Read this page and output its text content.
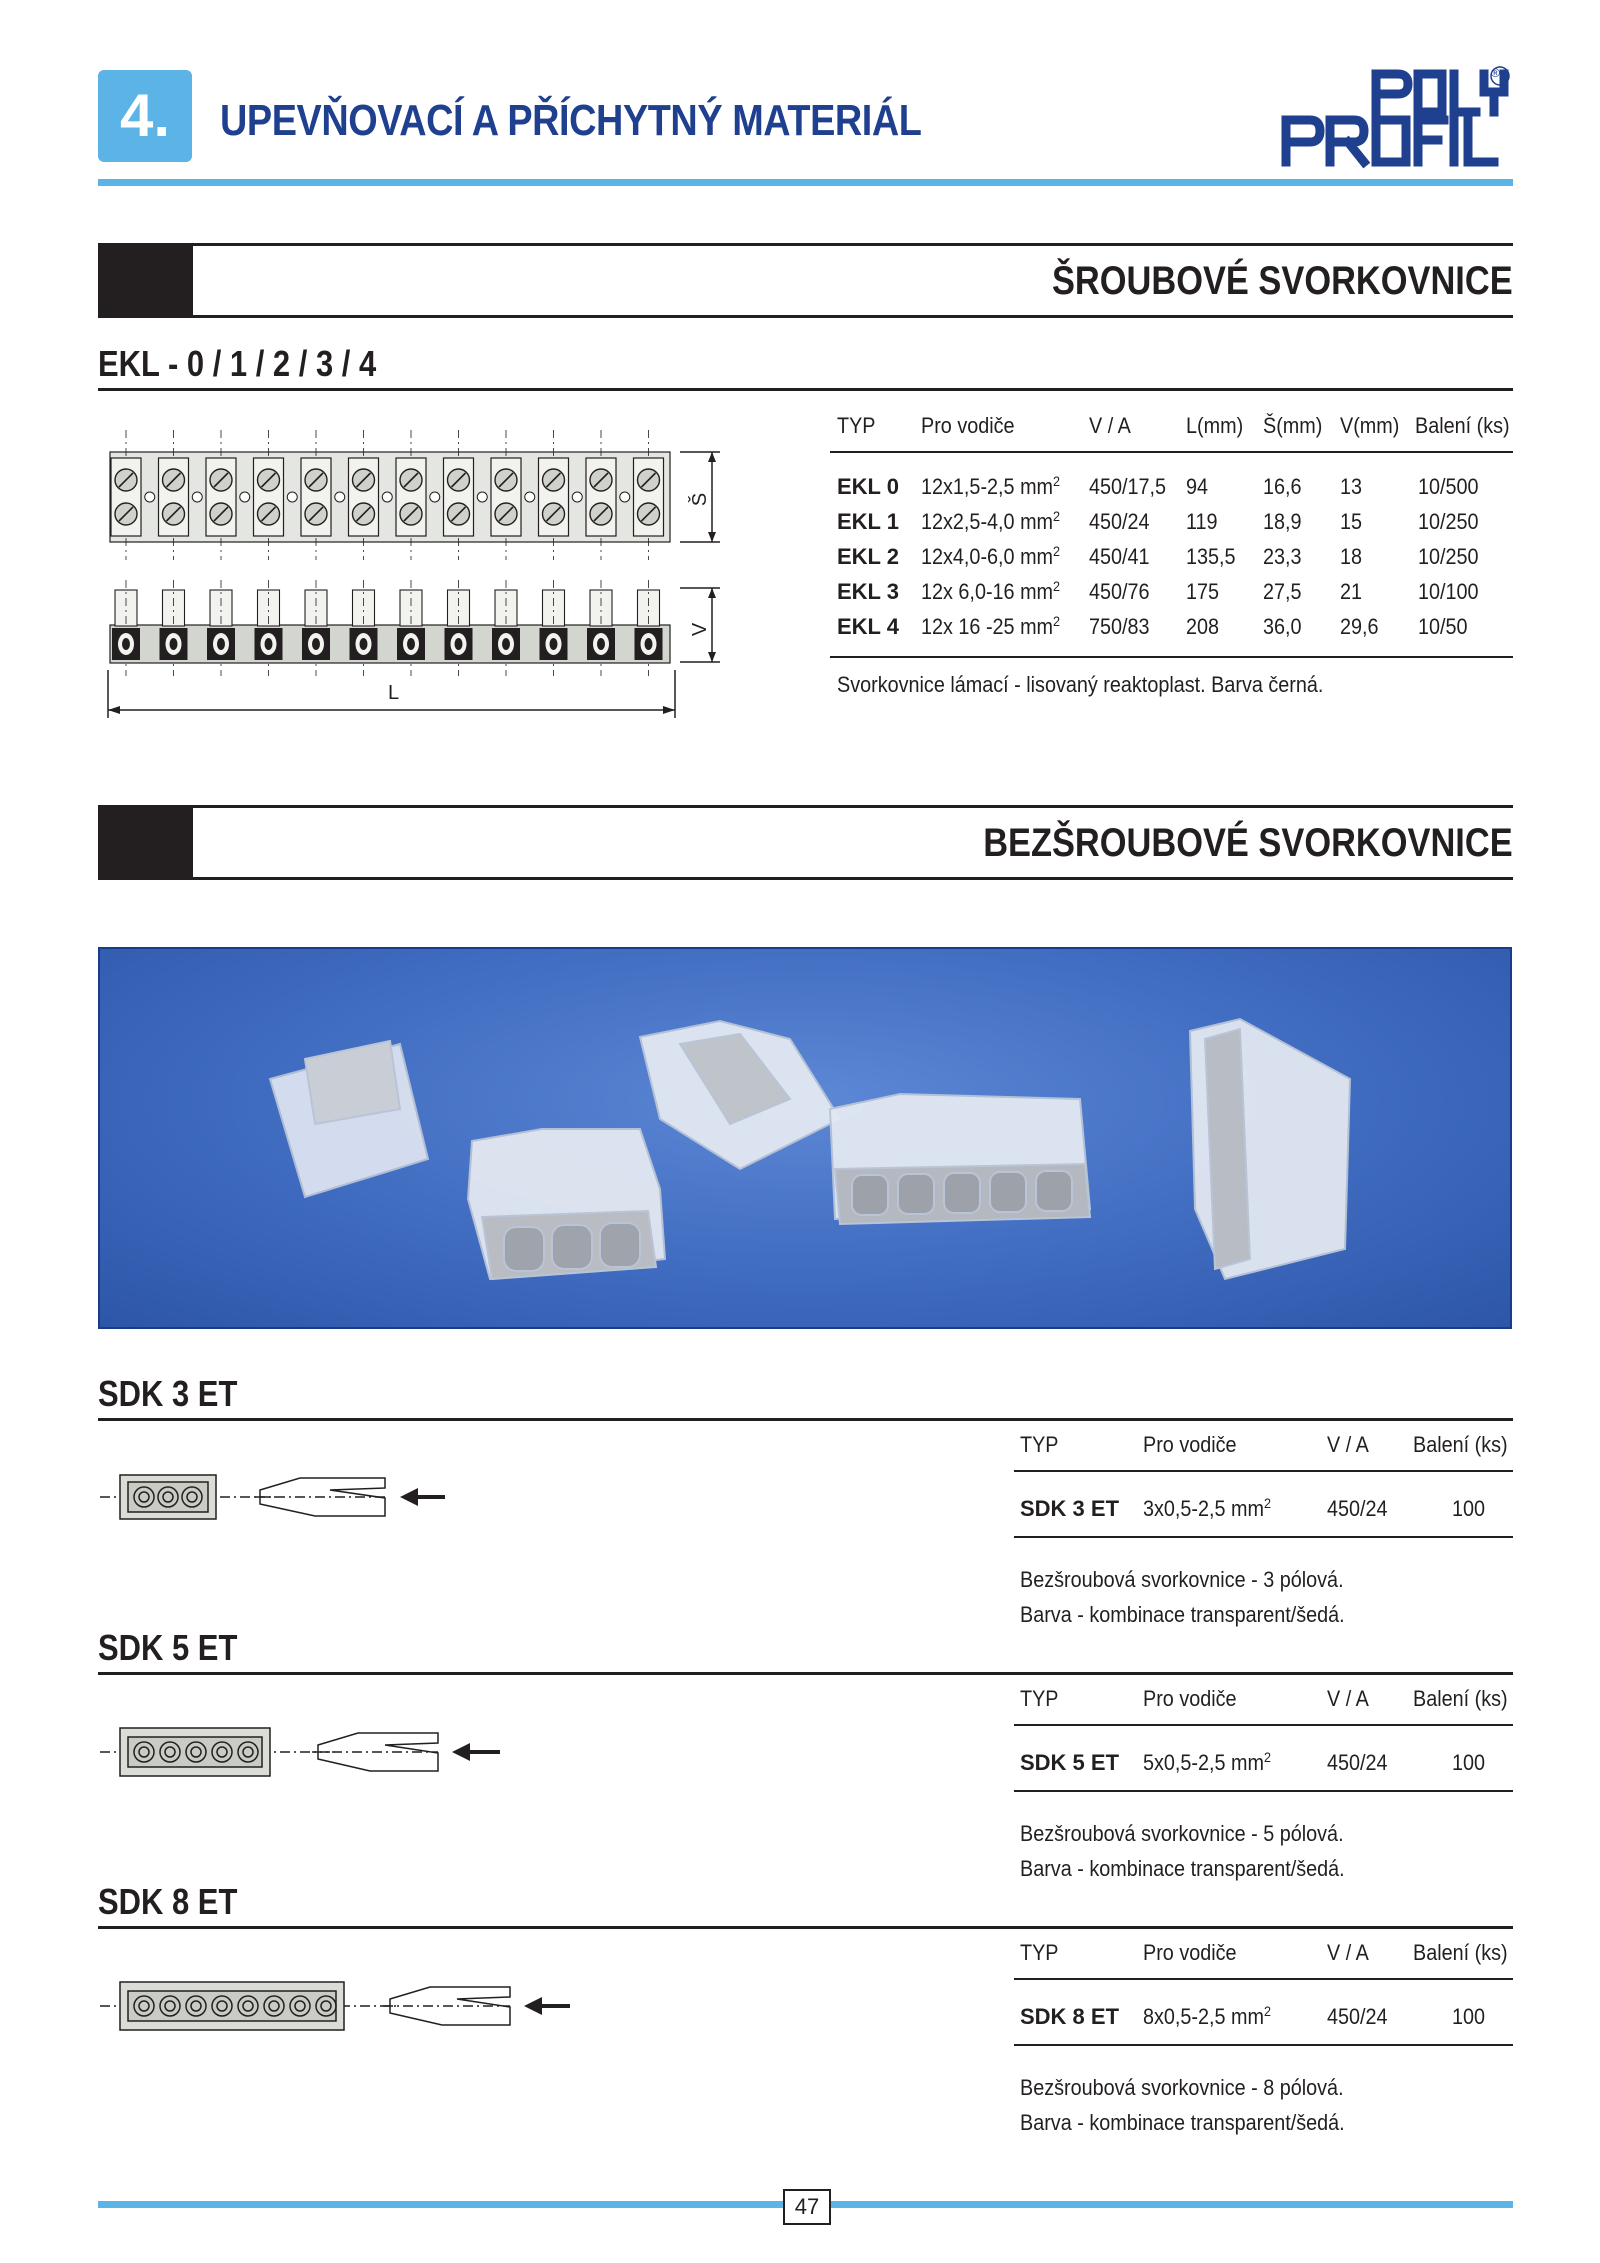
4.	UPEVŇOVACÍ A PŘÍCHYTNÝ MATERIÁL
®
ŠROUBOVÉ SVORKOVNICE
EKL - 0 / 1 / 2 / 3 / 4
Š
V
L
TYP Pro vodiče	V / A	L(mm) Š(mm) V(mm) Balení (ks)
EKL 0 12x1,5-2,5 $mm^2$ 450/17,5 94 16,6 13	10/500
EKL 1 12x2,5-4,0 $mm^2$ 450/24 119 18,9 15	10/250
EKL 2 12x4,0-6,0 $mm^2$ 450/41 135,5 23,3 18	10/250
EKL 3 12x 6,0-16 $mm^2$ 450/76 175 27,5 21	10/100
EKL 4 12x 16 -25 $mm^2$ 750/83 208 36,0 29,6 10/50
Svorkovnice lámací - lisovaný reaktoplast. Barva černá.
BEZŠROUBOVÉ SVORKOVNICE
SDK 3 ET
TYP	Pro vodiče	V / A Balení (ks)
SDK 3 ET 3x0,5-2,5 $mm^2$	450/24	100
Bezšroubová svorkovnice - 3 pólová.
Barva - kombinace transparent/šedá.
SDK 5 ET
TYP	Pro vodiče	V / A Balení (ks)
SDK 5 ET 5x0,5-2,5 $mm^2$	450/24	100
Bezšroubová svorkovnice - 5 pólová.
Barva - kombinace transparent/šedá.
SDK 8 ET
TYP	Pro vodiče	V / A Balení (ks)
SDK 8 ET 8x0,5-2,5 $mm^2$	450/24	100
Bezšroubová svorkovnice - 8 pólová.
Barva - kombinace transparent/šedá.
47
